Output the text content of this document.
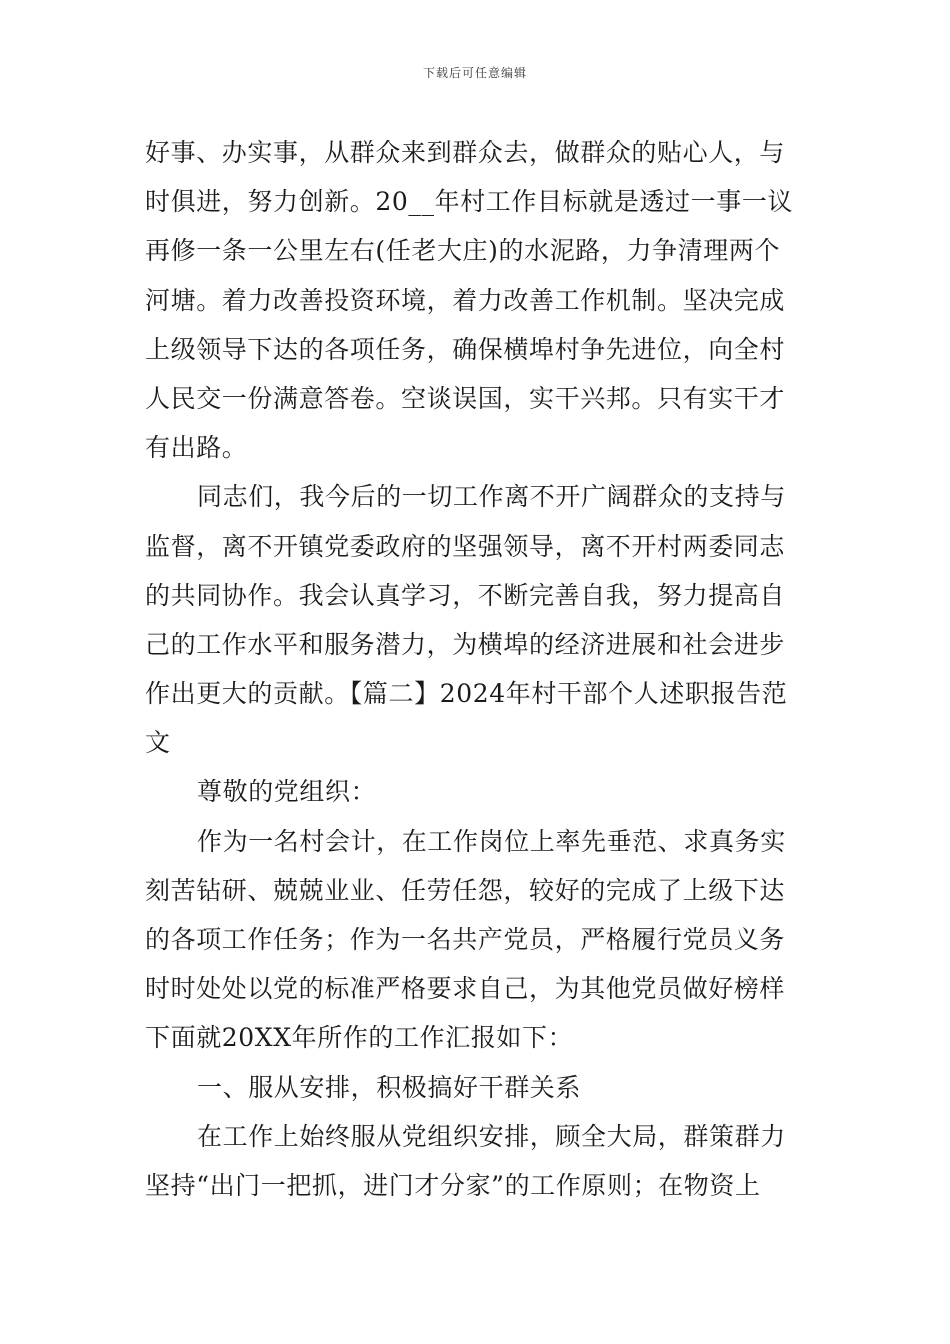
下载后可任意编辑
好事、办实事，从群众来到群众去，做群众的贴心人，与
时俱进，努力创新。20__年村工作目标就是透过一事一议
再修一条一公里左右(任老大庄)的水泥路，力争清理两个
河塘。着力改善投资环境，着力改善工作机制。坚决完成
上级领导下达的各项任务，确保横埠村争先进位，向全村
人民交一份满意答卷。空谈误国，实干兴邦。只有实干才
有出路。
同志们，我今后的一切工作离不开广阔群众的支持与
监督，离不开镇党委政府的坚强领导，离不开村两委同志
的共同协作。我会认真学习，不断完善自我，努力提高自
己的工作水平和服务潜力，为横埠的经济进展和社会进步
作出更大的贡献。【篇二】2024年村干部个人述职报告范
文
尊敬的党组织：
作为一名村会计，在工作岗位上率先垂范、求真务实
刻苦钻研、兢兢业业、任劳任怨，较好的完成了上级下达
的各项工作任务；作为一名共产党员，严格履行党员义务
时时处处以党的标准严格要求自己，为其他党员做好榜样
下面就20XX年所作的工作汇报如下：
一、服从安排，积极搞好干群关系
在工作上始终服从党组织安排，顾全大局，群策群力
坚持“出门一把抓，进门才分家”的工作原则；在物资上
